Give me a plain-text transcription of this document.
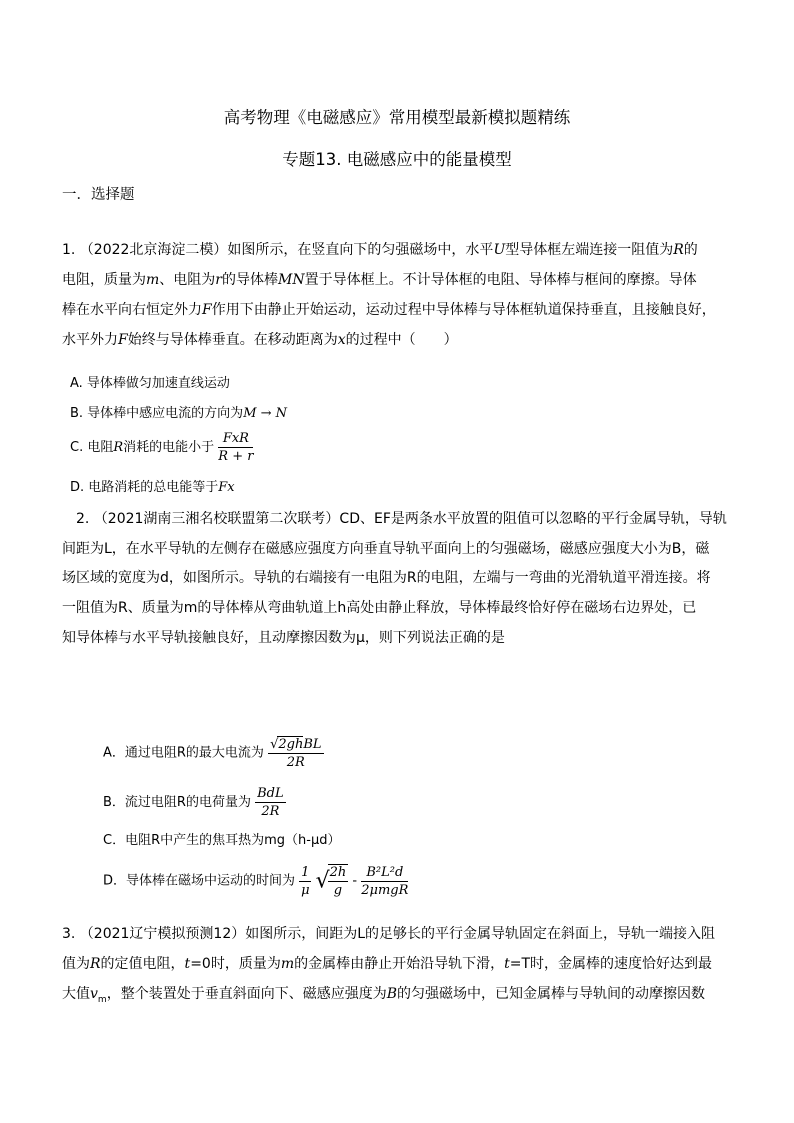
高考物理《电磁感应》常用模型最新模拟题精练
专题13. 电磁感应中的能量模型
一．选择题
1. （2022北京海淀二模）如图所示，在竖直向下的匀强磁场中，水平U型导体框左端连接一阻值为R的
电阻，质量为m、电阻为r的导体棒MN置于导体框上。不计导体框的电阻、导体棒与框间的摩擦。导体
棒在水平向右恒定外力F作用下由静止开始运动，运动过程中导体棒与导体框轨道保持垂直，且接触良好，
水平外力F始终与导体棒垂直。在移动距离为x的过程中（　　）
A. 导体棒做匀加速直线运动
B. 导体棒中感应电流的方向为M → N
C. 电阻R消耗的电能小于 $\frac{\text{FxR}}{R + r}$
D. 电路消耗的总电能等于Fx
2. （2021湖南三湘名校联盟第二次联考）CD、EF是两条水平放置的阻值可以忽略的平行金属导轨，导轨
间距为L，在水平导轨的左侧存在磁感应强度方向垂直导轨平面向上的匀强磁场，磁感应强度大小为B，磁
场区域的宽度为d，如图所示。导轨的右端接有一电阻为R的电阻，左端与一弯曲的光滑轨道平滑连接。将
一阻值为R、质量为m的导体棒从弯曲轨道上h高处由静止释放，导体棒最终恰好停在磁场右边界处，已
知导体棒与水平导轨接触良好，且动摩擦因数为μ，则下列说法正确的是
A．通过电阻R的最大电流为 $\frac{\text{√2ghBL}}{2R}$
B．流过电阻R的电荷量为 $\frac{\text{BdL}}{2R}$
C．电阻R中产生的焦耳热为mg（h-μd）
D．导体棒在磁场中运动的时间为 $\frac{1}{\mu}$ √
$\frac{2h}{g} - \frac{\text{B²L²d}}{\text{2μmgR}}$
3. （2021辽宁模拟预测12）如图所示，间距为L的足够长的平行金属导轨固定在斜面上，导轨一端接入阻
值为R的定值电阻，t=0时，质量为m的金属棒由静止开始沿导轨下滑，t=T时，金属棒的速度恰好达到最
大值$v_m$，整个装置处于垂直斜面向下、磁感应强度为B的匀强磁场中，已知金属棒与导轨间的动摩擦因数
